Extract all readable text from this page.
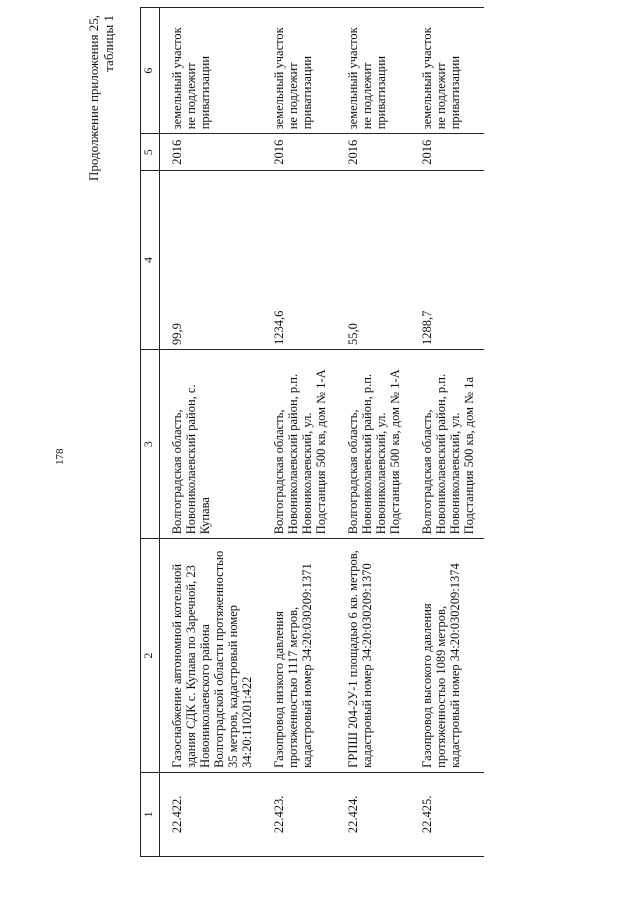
178
Продолжение приложения 25, таблицы 1
1	2	3	4	5	6
22.422.	Газоснабжение автономной котельной здания СДК с. Купава по Заречной, 23 Новониколаевского района Волгоградской области протяженностью 35 метров, кадастровый номер 34:20:110201:422	Волгоградская область, Новониколаевский район, с. Купава	99,9	2016	земельный участок не подлежит приватизации
22.423.	Газопровод низкого давления протяженностью 1117 метров, кадастровый номер 34:20:030209:1371	Волгоградская область, Новониколаевский район, р.п. Новониколаевский, ул. Подстанция 500 кв, дом № 1-А	1234,6	2016	земельный участок не подлежит приватизации
22.424.	ГРПШ 204-2У-1 площадью 6 кв. метров, кадастровый номер 34:20:030209:1370	Волгоградская область, Новониколаевский район, р.п. Новониколаевский, ул. Подстанция 500 кв, дом № 1-А	55,0	2016	земельный участок не подлежит приватизации
22.425.	Газопровод высокого давления протяженностью 1089 метров, кадастровый номер 34:20:030209:1374	Волгоградская область, Новониколаевский район, р.п. Новониколаевский, ул. Подстанция 500 кв, дом № 1а	1288,7	2016	земельный участок не подлежит приватизации
